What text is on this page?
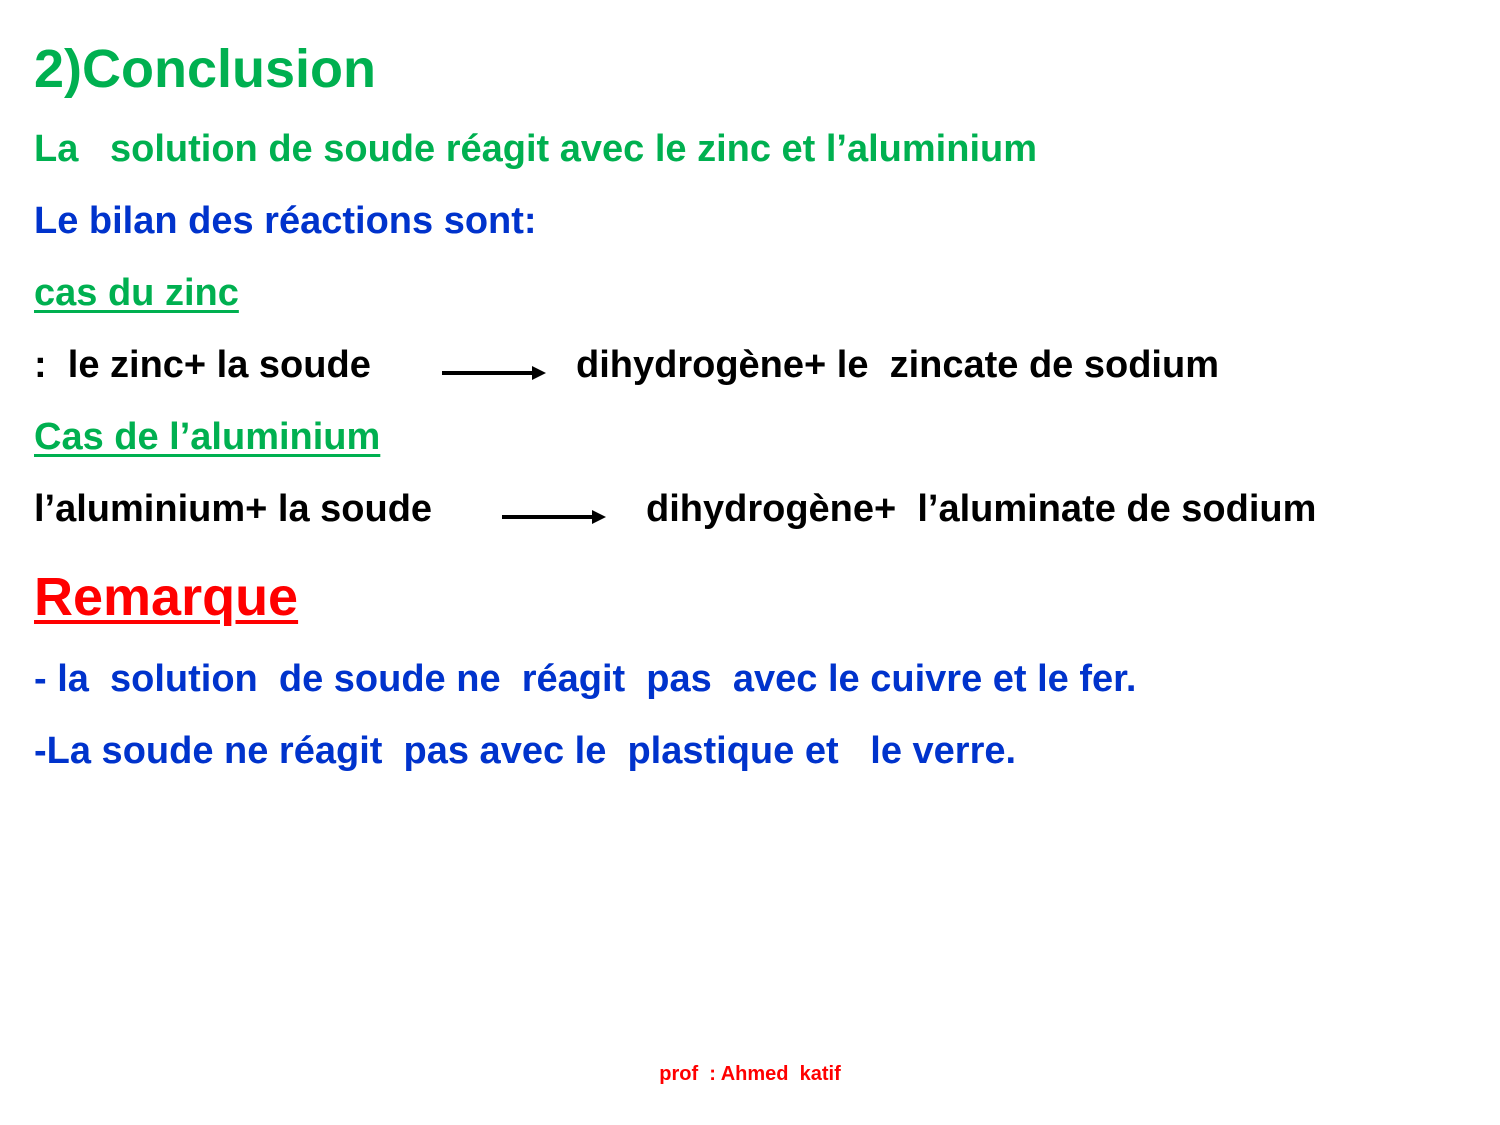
2)Conclusion
La   solution de soude réagit avec le zinc et l’aluminium
Le bilan des réactions sont:
cas du zinc

:  le zinc+ la soude

→
dihydrogène+ le  zincate de sodium

Cas de l’aluminium

l’aluminium+ la soude

→
dihydrogène+  l’aluminate de sodium

Remarque
- la  solution  de soude ne  réagit  pas  avec le cuivre et le fer.
-La soude ne réagit  pas avec le  plastique et   le verre.
prof  : Ahmed  katif
